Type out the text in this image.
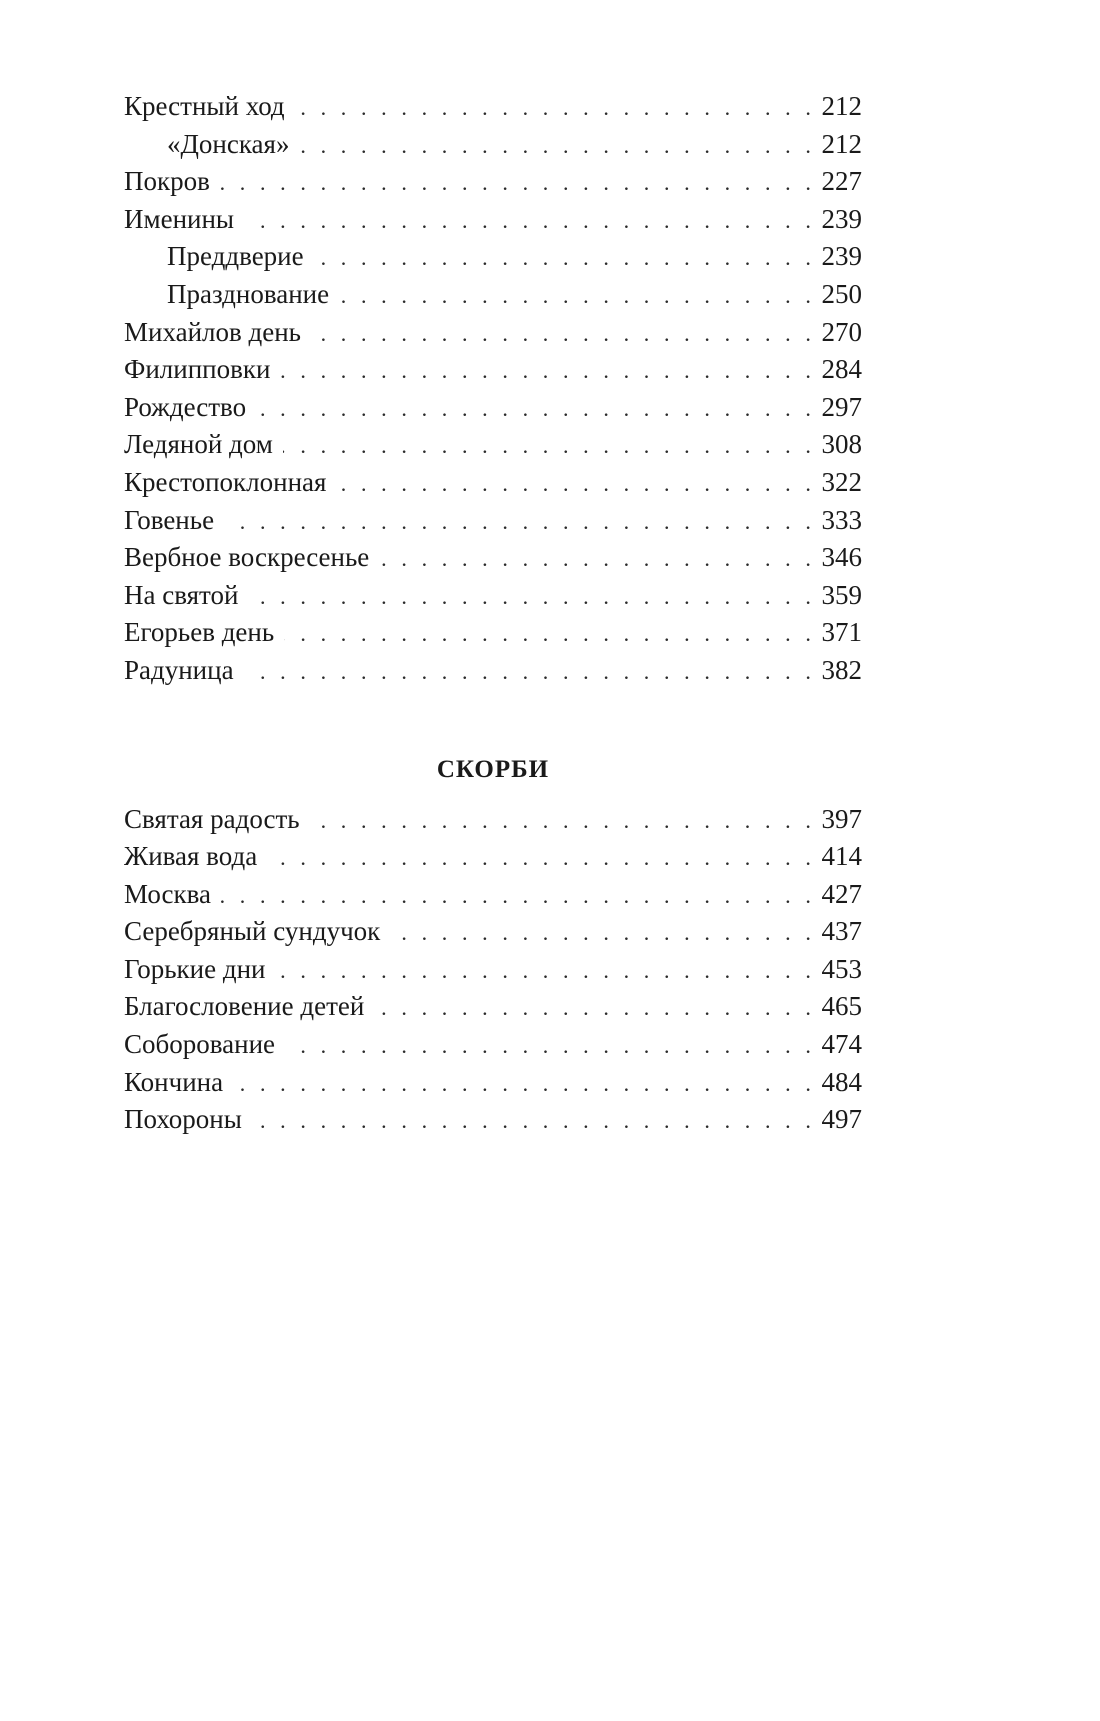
Крестный ход . . .	212
«Донская» . . .	212
Покров . . .	227
Именины . . .	239
Преддверие . . .	239
Празднование . . .	250
Михайлов день . . .	270
Филипповки . . .	284
Рождество . . .	297
Ледяной дом . . .	308
Крестопоклонная . . .	322
Говенье . . .	333
Вербное воскресенье . . .	346
На святой . . .	359
Егорьев день . . .	371
Радуница . . .	382
СКОРБИ
Святая радость . . .	397
Живая вода . . .	414
Москва . . .	427
Серебряный сундучок . . .	437
Горькие дни . . .	453
Благословение детей . . .	465
Соборование . . .	474
Кончина . . .	484
Похороны . . .	497
